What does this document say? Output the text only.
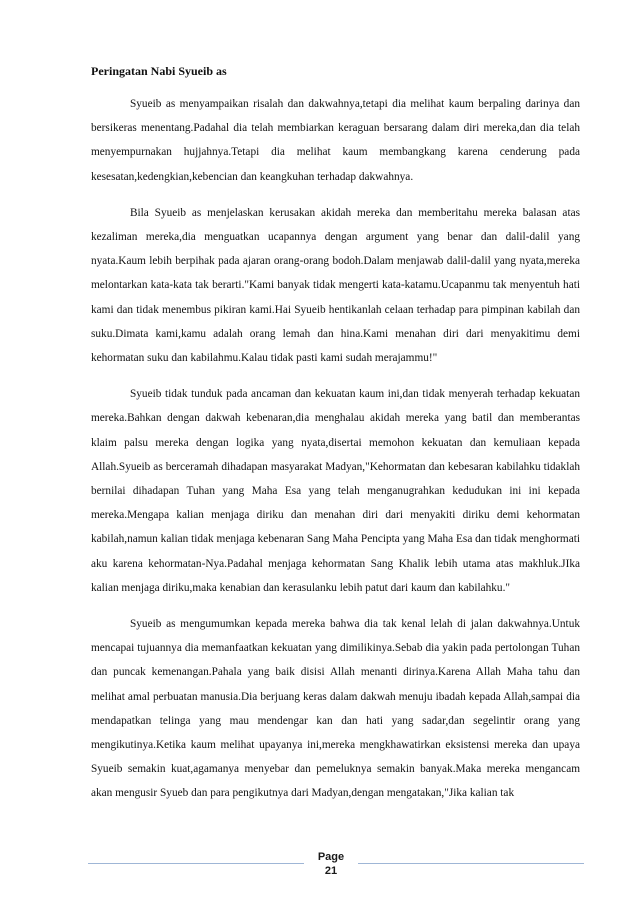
Peringatan Nabi Syueib as

Syueib as menyampaikan risalah dan dakwahnya,tetapi dia melihat kaum berpaling darinya dan bersikeras menentang.Padahal dia telah membiarkan keraguan bersarang dalam diri mereka,dan dia telah menyempurnakan hujjahnya.Tetapi dia melihat kaum membangkang karena cenderung pada kesesatan,kedengkian,kebencian dan keangkuhan terhadap dakwahnya.

Bila Syueib as menjelaskan kerusakan akidah mereka dan memberitahu mereka balasan atas kezaliman mereka,dia menguatkan ucapannya dengan argument yang benar dan dalil-dalil yang nyata.Kaum lebih berpihak pada ajaran orang-orang bodoh.Dalam menjawab dalil-dalil yang nyata,mereka melontarkan kata-kata tak berarti."Kami banyak tidak mengerti kata-katamu.Ucapanmu tak menyentuh hati kami dan tidak menembus pikiran kami.Hai Syueib hentikanlah celaan terhadap para pimpinan kabilah dan suku.Dimata kami,kamu adalah orang lemah dan hina.Kami menahan diri dari menyakitimu demi kehormatan suku dan kabilahmu.Kalau tidak pasti kami sudah merajammu!"

Syueib tidak tunduk pada ancaman dan kekuatan kaum ini,dan tidak menyerah terhadap kekuatan mereka.Bahkan dengan dakwah kebenaran,dia menghalau akidah mereka yang batil dan memberantas klaim palsu mereka dengan logika yang nyata,disertai memohon kekuatan dan kemuliaan kepada Allah.Syueib as berceramah dihadapan masyarakat Madyan,"Kehormatan dan kebesaran kabilahku tidaklah bernilai dihadapan Tuhan yang Maha Esa yang telah menganugrahkan kedudukan ini ini kepada mereka.Mengapa kalian menjaga diriku dan menahan diri dari menyakiti diriku demi kehormatan kabilah,namun kalian tidak menjaga kebenaran Sang Maha Pencipta yang Maha Esa dan tidak menghormati aku karena kehormatan-Nya.Padahal menjaga kehormatan Sang Khalik lebih utama atas makhluk.JIka kalian menjaga diriku,maka kenabian dan kerasulanku lebih patut dari kaum dan kabilahku."

Syueib as mengumumkan kepada mereka bahwa dia tak kenal lelah di jalan dakwahnya.Untuk mencapai tujuannya dia memanfaatkan kekuatan yang dimilikinya.Sebab dia yakin pada pertolongan Tuhan dan puncak kemenangan.Pahala yang baik disisi Allah menanti dirinya.Karena Allah Maha tahu dan melihat amal perbuatan manusia.Dia berjuang keras dalam dakwah menuju ibadah kepada Allah,sampai dia mendapatkan telinga yang mau mendengar kan dan hati yang sadar,dan segelintir orang yang mengikutinya.Ketika kaum melihat upayanya ini,mereka mengkhawatirkan eksistensi mereka dan upaya Syueib semakin kuat,agamanya menyebar dan pemeluknya semakin banyak.Maka mereka mengancam akan mengusir Syueb dan para pengikutnya dari Madyan,dengan mengatakan,"Jika kalian tak

Page
21
